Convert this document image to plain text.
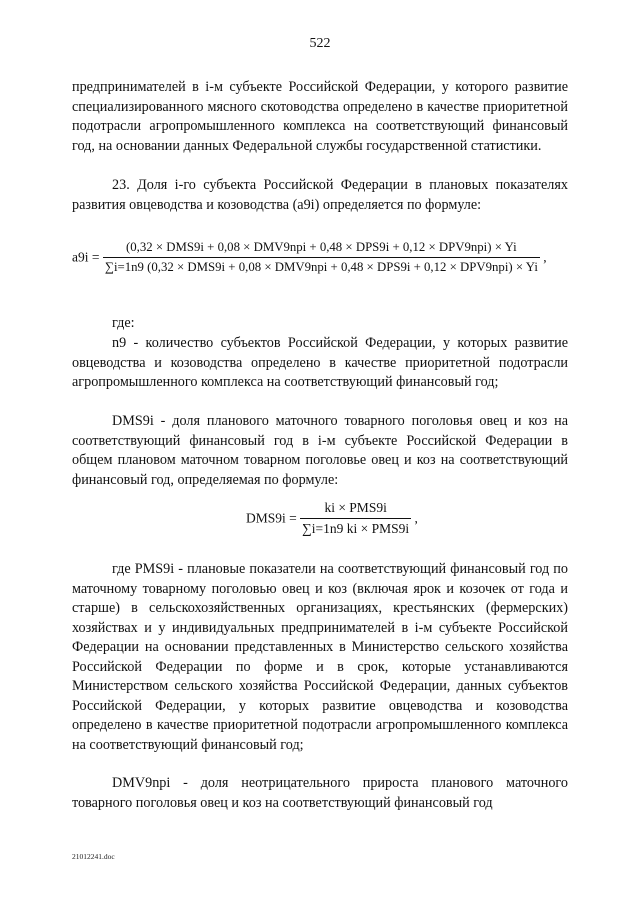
522
предпринимателей в i-м субъекте Российской Федерации, у которого развитие специализированного мясного скотоводства определено в качестве приоритетной подотрасли агропромышленного комплекса на соответствующий финансовый год, на основании данных Федеральной службы государственной статистики.
23. Доля i-го субъекта Российской Федерации в плановых показателях развития овцеводства и козоводства (a9i) определяется по формуле:
a9i =
(0,32 × DMS9i + 0,08 × DMV9npi + 0,48 × DPS9i + 0,12 × DPV9npi) × Yi
∑i=1n9 (0,32 × DMS9i + 0,08 × DMV9npi + 0,48 × DPS9i + 0,12 × DPV9npi) × Yi
,
где:
n9 - количество субъектов Российской Федерации, у которых развитие овцеводства и козоводства определено в качестве приоритетной подотрасли агропромышленного комплекса на соответствующий финансовый год;
DMS9i - доля планового маточного товарного поголовья овец и коз на соответствующий финансовый год в i-м субъекте Российской Федерации в общем плановом маточном товарном поголовье овец и коз на соответствующий финансовый год, определяемая по формуле:
$DMS9i = \frac{\text{ki × PMS9i}}{\text{∑i=1n9 ki × PMS9i}}$ ,
где PMS9i - плановые показатели на соответствующий финансовый год по маточному товарному поголовью овец и коз (включая ярок и козочек от года и старше) в сельскохозяйственных организациях, крестьянских (фермерских) хозяйствах и у индивидуальных предпринимателей в i-м субъекте Российской Федерации на основании представленных в Министерство сельского хозяйства Российской Федерации по форме и в срок, которые устанавливаются Министерством сельского хозяйства Российской Федерации, данных субъектов Российской Федерации, у которых развитие овцеводства и козоводства определено в качестве приоритетной подотрасли агропромышленного комплекса на соответствующий финансовый год;
DMV9npi - доля неотрицательного прироста планового маточного товарного поголовья овец и коз на соответствующий финансовый год
21012241.doc
